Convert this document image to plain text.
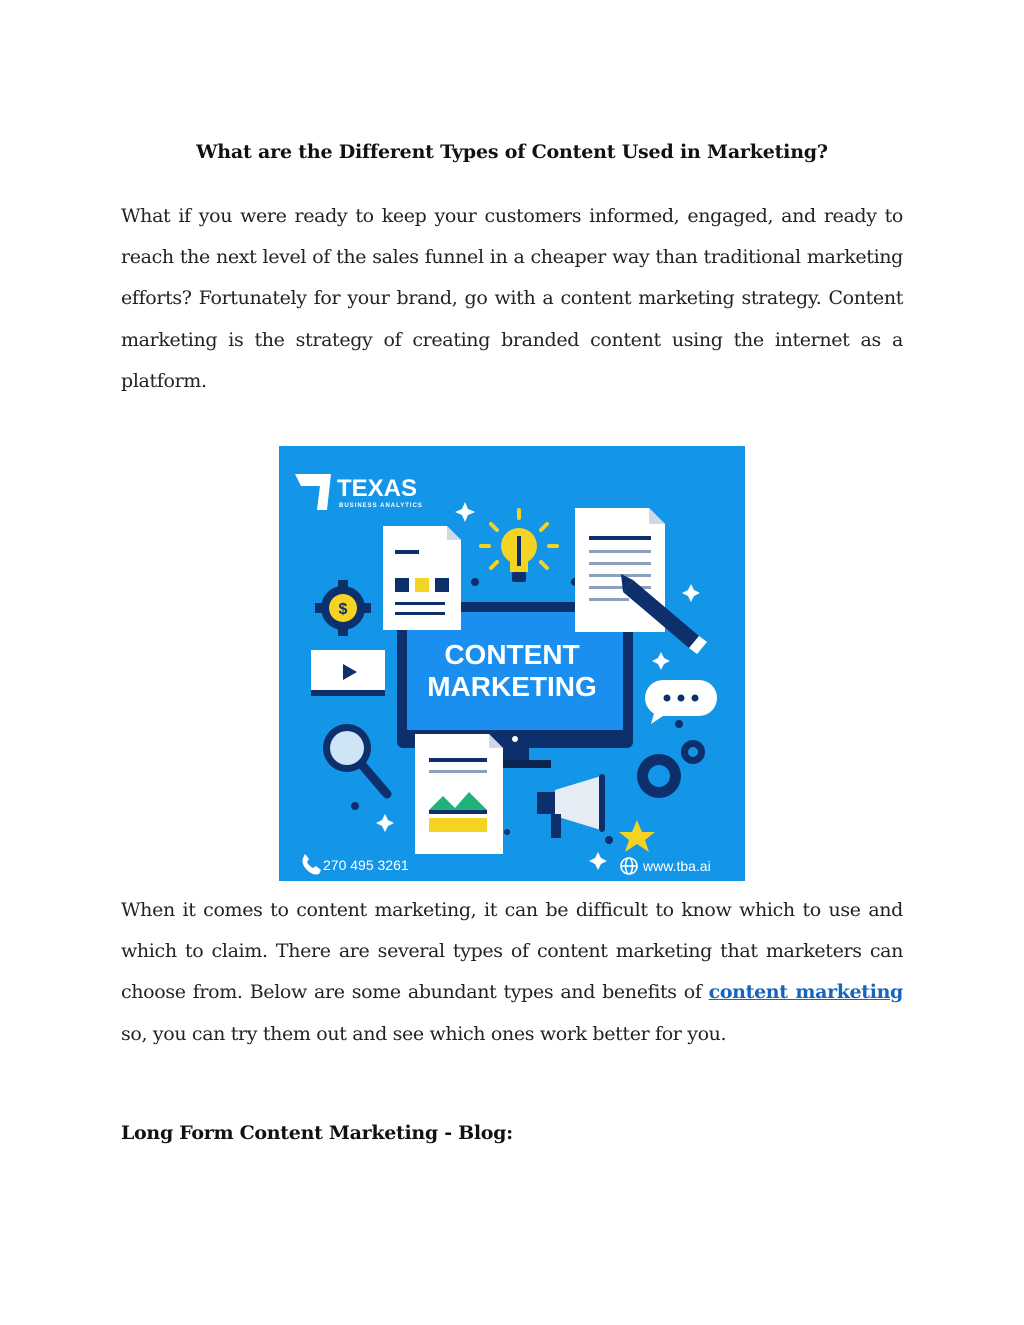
What are the Different Types of Content Used in Marketing?

What if you were ready to keep your customers informed, engaged, and ready to reach the next level of the sales funnel in a cheaper way than traditional marketing efforts? Fortunately for your brand, go with a content marketing strategy. Content marketing is the strategy of creating branded content using the internet as a platform.

TEXAS
BUSINESS ANALYTICS
CONTENT
MARKETING
$
270 495 3261	www.tba.ai

When it comes to content marketing, it can be difficult to know which to use and which to claim. There are several types of content marketing that marketers can choose from. Below are some abundant types and benefits of content marketing so, you can try them out and see which ones work better for you.

Long Form Content Marketing - Blog:
